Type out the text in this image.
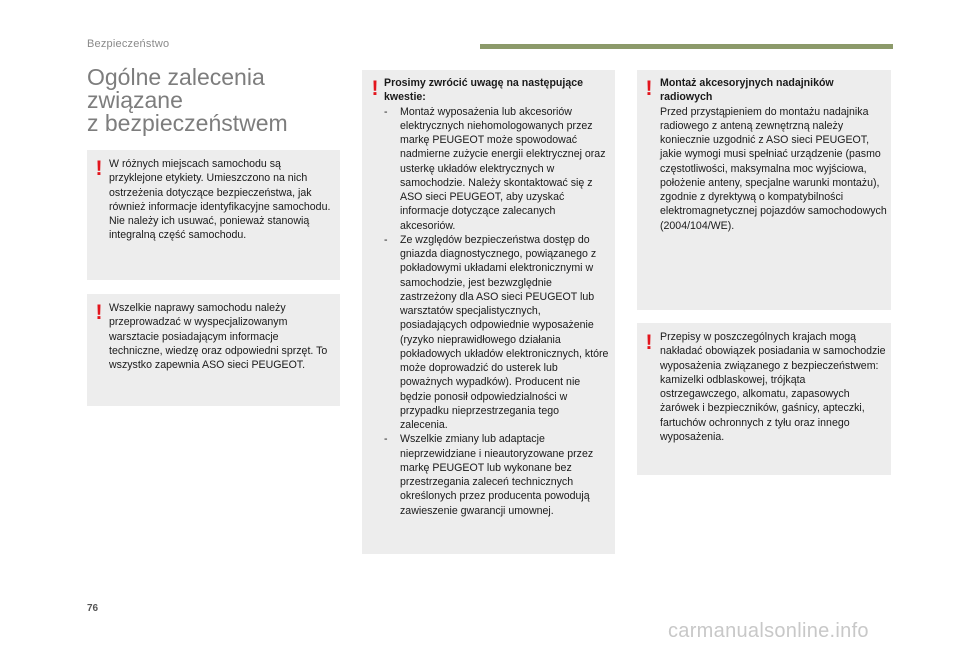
Bezpieczeństwo
Ogólne zalecenia
związane
z bezpieczeństwem
! W różnych miejscach samochodu są przyklejone etykiety. Umieszczono na nich ostrzeżenia dotyczące bezpieczeństwa, jak również informacje identyfikacyjne samochodu. Nie należy ich usuwać, ponieważ stanowią integralną część samochodu.
! Wszelkie naprawy samochodu należy przeprowadzać w wyspecjalizowanym warsztacie posiadającym informacje techniczne, wiedzę oraz odpowiedni sprzęt. To wszystko zapewnia ASO sieci PEUGEOT.
! Prosimy zwrócić uwagę na następujące kwestie:
- Montaż wyposażenia lub akcesoriów elektrycznych niehomologowanych przez markę PEUGEOT może spowodować nadmierne zużycie energii elektrycznej oraz usterkę układów elektrycznych w samochodzie. Należy skontaktować się z ASO sieci PEUGEOT, aby uzyskać informacje dotyczące zalecanych akcesoriów.
- Ze względów bezpieczeństwa dostęp do gniazda diagnostycznego, powiązanego z pokładowymi układami elektronicznymi w samochodzie, jest bezwzględnie zastrzeżony dla ASO sieci PEUGEOT lub warsztatów specjalistycznych, posiadających odpowiednie wyposażenie (ryzyko nieprawidłowego działania pokładowych układów elektronicznych, które może doprowadzić do usterek lub poważnych wypadków). Producent nie będzie ponosił odpowiedzialności w przypadku nieprzestrzegania tego zalecenia.
- Wszelkie zmiany lub adaptacje nieprzewidziane i nieautoryzowane przez markę PEUGEOT lub wykonane bez przestrzegania zaleceń technicznych określonych przez producenta powodują zawieszenie gwarancji umownej.
! Montaż akcesoryjnych nadajników radiowych
Przed przystąpieniem do montażu nadajnika radiowego z anteną zewnętrzną należy koniecznie uzgodnić z ASO sieci PEUGEOT, jakie wymogi musi spełniać urządzenie (pasmo częstotliwości, maksymalna moc wyjściowa, położenie anteny, specjalne warunki montażu), zgodnie z dyrektywą o kompatybilności elektromagnetycznej pojazdów samochodowych (2004/104/WE).
! Przepisy w poszczególnych krajach mogą nakładać obowiązek posiadania w samochodzie wyposażenia związanego z bezpieczeństwem: kamizelki odblaskowej, trójkąta ostrzegawczego, alkomatu, zapasowych żarówek i bezpieczników, gaśnicy, apteczki, fartuchów ochronnych z tyłu oraz innego wyposażenia.
76
carmanualsonline.info
